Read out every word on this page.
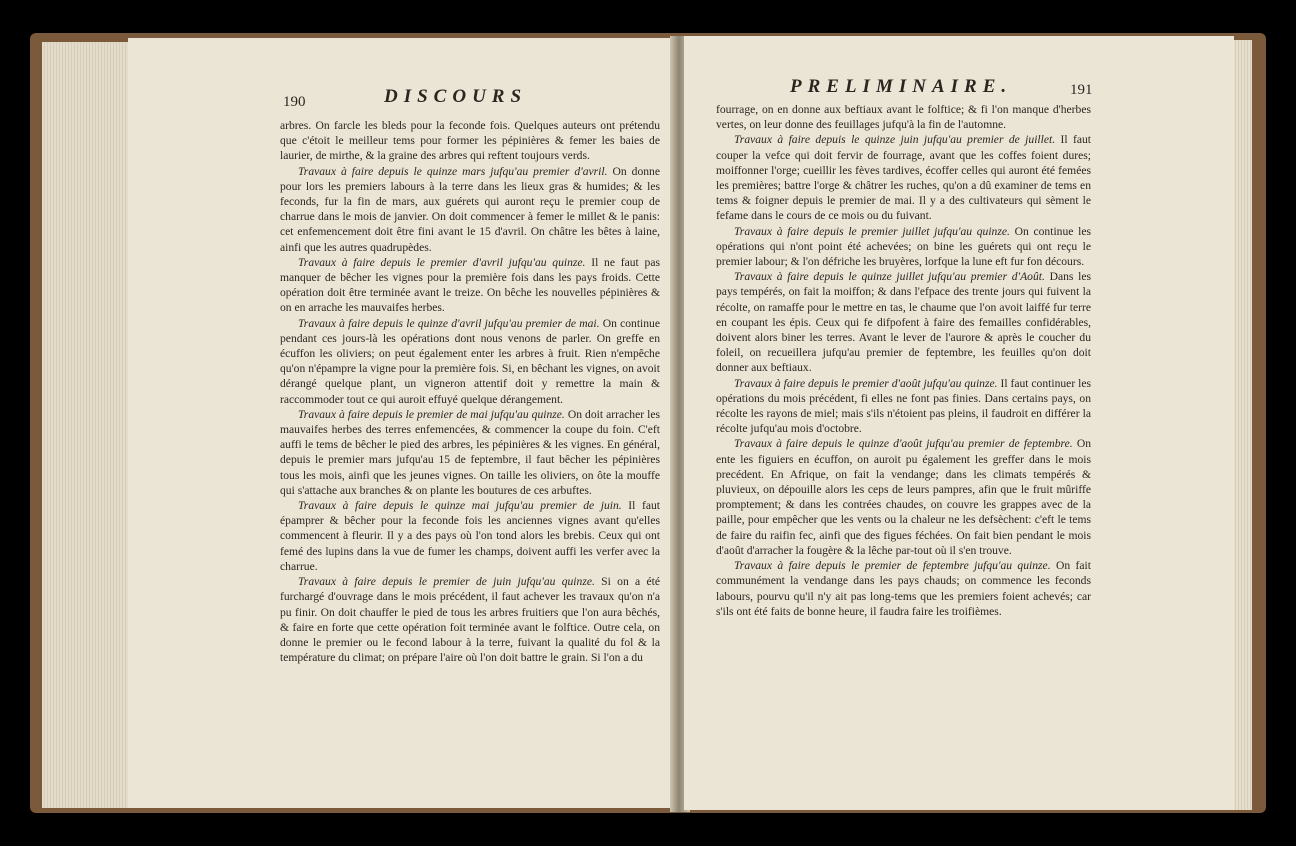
190	DISCOURS

arbres. On farcle les bleds pour la feconde fois. Quelques auteurs ont prétendu que c'étoit le meilleur tems pour former les pépinières & femer les baies de laurier, de mirthe, & la graine des arbres qui reftent toujours verds.

Travaux à faire depuis le quinze mars jufqu'au premier d'avril. On donne pour lors les premiers labours à la terre dans les lieux gras & humides; & les feconds, fur la fin de mars, aux guérets qui auront reçu le premier coup de charrue dans le mois de janvier. On doit commencer à femer le millet & le panis: cet enfemencement doit être fini avant le 15 d'avril. On châtre les bêtes à laine, ainfi que les autres quadrupèdes.

Travaux à faire depuis le premier d'avril jufqu'au quinze. Il ne faut pas manquer de bêcher les vignes pour la première fois dans les pays froids. Cette opération doit être terminée avant le treize. On bêche les nouvelles pépinières & on en arrache les mauvaifes herbes.

Travaux à faire depuis le quinze d'avril jufqu'au premier de mai. On continue pendant ces jours-là les opérations dont nous venons de parler. On greffe en écuffon les oliviers; on peut également enter les arbres à fruit. Rien n'empêche qu'on n'épampre la vigne pour la première fois. Si, en bêchant les vignes, on avoit dérangé quelque plant, un vigneron attentif doit y remettre la main & raccommoder tout ce qui auroit effuyé quelque dérangement.

Travaux à faire depuis le premier de mai jufqu'au quinze. On doit arracher les mauvaifes herbes des terres enfemencées, & commencer la coupe du foin. C'eft auffi le tems de bêcher le pied des arbres, les pépinières & les vignes. En général, depuis le premier mars jufqu'au 15 de feptembre, il faut bêcher les pépinières tous les mois, ainfi que les jeunes vignes. On taille les oliviers, on ôte la mouffe qui s'attache aux branches & on plante les boutures de ces arbuftes.

Travaux à faire depuis le quinze mai jufqu'au premier de juin. Il faut épamprer & bêcher pour la feconde fois les anciennes vignes avant qu'elles commencent à fleurir. Il y a des pays où l'on tond alors les brebis. Ceux qui ont femé des lupins dans la vue de fumer les champs, doivent auffi les verfer avec la charrue.

Travaux à faire depuis le premier de juin jufqu'au quinze. Si on a été furchargé d'ouvrage dans le mois précédent, il faut achever les travaux qu'on n'a pu finir. On doit chauffer le pied de tous les arbres fruitiers que l'on aura bêchés, & faire en forte que cette opération foit terminée avant le folftice. Outre cela, on donne le premier ou le fecond labour à la terre, fuivant la qualité du fol & la température du climat; on prépare l'aire où l'on doit battre le grain. Si l'on a du

PRELIMINAIRE.	191

fourrage, on en donne aux beftiaux avant le folftice; & fi l'on manque d'herbes vertes, on leur donne des feuillages jufqu'à la fin de l'automne.

Travaux à faire depuis le quinze juin jufqu'au premier de juillet. Il faut couper la vefce qui doit fervir de fourrage, avant que les coffes foient dures; moiffonner l'orge; cueillir les fèves tardives, écoffer celles qui auront été femées les premières; battre l'orge & châtrer les ruches, qu'on a dû examiner de tems en tems & foigner depuis le premier de mai. Il y a des cultivateurs qui sèment le fefame dans le cours de ce mois ou du fuivant.

Travaux à faire depuis le premier juillet jufqu'au quinze. On continue les opérations qui n'ont point été achevées; on bine les guérets qui ont reçu le premier labour; & l'on défriche les bruyères, lorfque la lune eft fur fon décours.

Travaux à faire depuis le quinze juillet jufqu'au premier d'Août. Dans les pays tempérés, on fait la moiffon; & dans l'efpace des trente jours qui fuivent la récolte, on ramaffe pour le mettre en tas, le chaume que l'on avoit laiffé fur terre en coupant les épis. Ceux qui fe difpofent à faire des femailles confidérables, doivent alors biner les terres. Avant le lever de l'aurore & après le coucher du foleil, on recueillera jufqu'au premier de feptembre, les feuilles qu'on doit donner aux beftiaux.

Travaux à faire depuis le premier d'août jufqu'au quinze. Il faut continuer les opérations du mois précédent, fi elles ne font pas finies. Dans certains pays, on récolte les rayons de miel; mais s'ils n'étoient pas pleins, il faudroit en différer la récolte jufqu'au mois d'octobre.

Travaux à faire depuis le quinze d'août jufqu'au premier de feptembre. On ente les figuiers en écuffon, on auroit pu également les greffer dans le mois precédent. En Afrique, on fait la vendange; dans les climats tempérés & pluvieux, on dépouille alors les ceps de leurs pampres, afin que le fruit mûriffe promptement; & dans les contrées chaudes, on couvre les grappes avec de la paille, pour empêcher que les vents ou la chaleur ne les defsèchent: c'eft le tems de faire du raifin fec, ainfi que des figues féchées. On fait bien pendant le mois d'août d'arracher la fougère & la lêche par-tout où il s'en trouve.

Travaux à faire depuis le premier de feptembre jufqu'au quinze. On fait communément la vendange dans les pays chauds; on commence les feconds labours, pourvu qu'il n'y ait pas long-tems que les premiers foient achevés; car s'ils ont été faits de bonne heure, il faudra faire les troifièmes.
